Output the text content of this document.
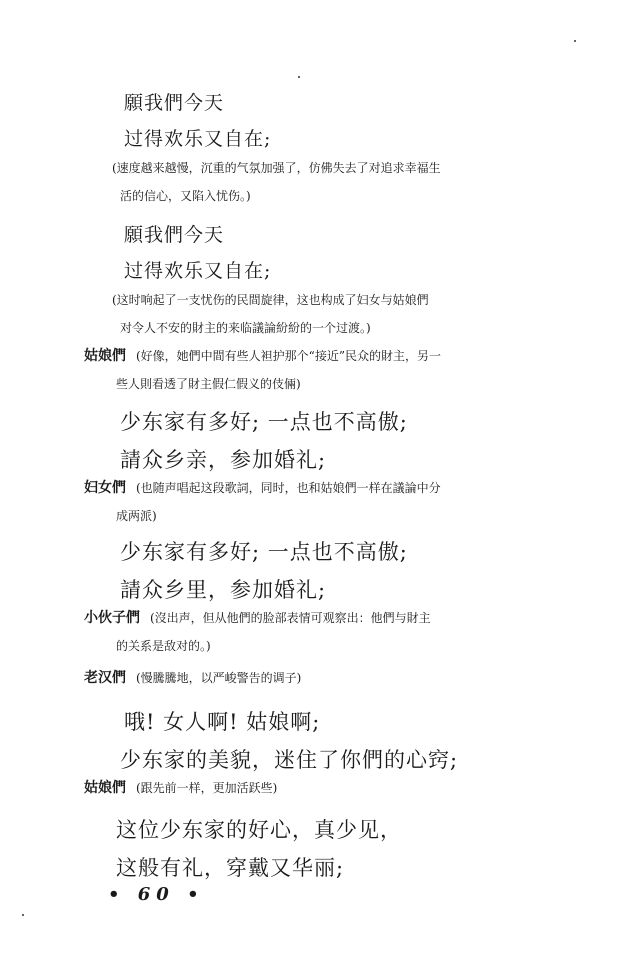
願我們今天
过得欢乐又自在;
(速度越来越慢，沉重的气氛加强了，仿佛失去了对追求幸福生
活的信心，又陷入忧伤。)
願我們今天
过得欢乐又自在;
(这时响起了一支忧伤的民間旋律，这也构成了妇女与姑娘們
对令人不安的財主的来临議論紛紛的一个过渡。)
姑娘們 (好像，她們中間有些人袒护那个“接近”民众的財主，另一
些人則看透了財主假仁假义的伎倆)
少东家有多好; 一点也不高傲;
請众乡亲，参加婚礼;
妇女們 (也随声唱起这段歌詞，同时，也和姑娘們一样在議論中分
成两派)
少东家有多好; 一点也不高傲;
請众乡里，参加婚礼;
小伙子們 (沒出声，但从他們的脸部表情可观察出：他們与財主
的关系是敌对的。)
老汉們 (慢騰騰地，以严峻警告的调子)
哦! 女人啊! 姑娘啊;
少东家的美貌，迷住了你們的心窍;
姑娘們 (跟先前一样，更加活跃些)
这位少东家的好心，真少见，
这般有礼，穿戴又华丽;
• 60 •
